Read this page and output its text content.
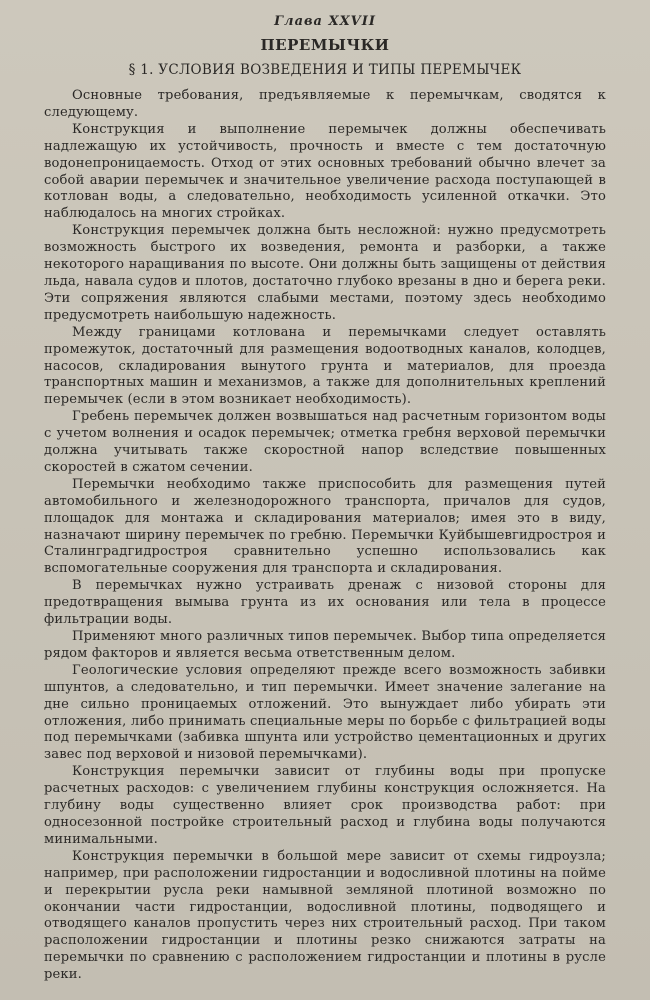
Глава XXVII

ПЕРЕМЫЧКИ

§ 1. УСЛОВИЯ ВОЗВЕДЕНИЯ И ТИПЫ ПЕРЕМЫЧЕК

Основные требования, предъявляемые к перемычкам, сводятся к следующему.

Конструкция и выполнение перемычек должны обеспечивать надлежащую их устойчивость, прочность и вместе с тем достаточную водонепроницаемость. Отход от этих основных требований обычно влечет за собой аварии перемычек и значительное увеличение расхода поступающей в котлован воды, а следовательно, необходимость усиленной откачки. Это наблюдалось на многих стройках.

Конструкция перемычек должна быть несложной: нужно предусмотреть возможность быстрого их возведения, ремонта и разборки, а также некоторого наращивания по высоте. Они должны быть защищены от действия льда, навала судов и плотов, достаточно глубоко врезаны в дно и берега реки. Эти сопряжения являются слабыми местами, поэтому здесь необходимо предусмотреть наибольшую надежность.

Между границами котлована и перемычками следует оставлять промежуток, достаточный для размещения водоотводных каналов, колодцев, насосов, складирования вынутого грунта и материалов, для проезда транспортных машин и механизмов, а также для дополнительных креплений перемычек (если в этом возникает необходимость).

Гребень перемычек должен возвышаться над расчетным горизонтом воды с учетом волнения и осадок перемычек; отметка гребня верховой перемычки должна учитывать также скоростной напор вследствие повышенных скоростей в сжатом сечении.

Перемычки необходимо также приспособить для размещения путей автомобильного и железнодорожного транспорта, причалов для судов, площадок для монтажа и складирования материалов; имея это в виду, назначают ширину перемычек по гребню. Перемычки Куйбышевгидростроя и Сталинградгидростроя сравнительно успешно использовались как вспомогательные сооружения для транспорта и складирования.

В перемычках нужно устраивать дренаж с низовой стороны для предотвращения вымыва грунта из их основания или тела в процессе фильтрации воды.

Применяют много различных типов перемычек. Выбор типа определяется рядом факторов и является весьма ответственным делом.

Геологические условия определяют прежде всего возможность забивки шпунтов, а следовательно, и тип перемычки. Имеет значение залегание на дне сильно проницаемых отложений. Это вынуждает либо убирать эти отложения, либо принимать специальные меры по борьбе с фильтрацией воды под перемычками (забивка шпунта или устройство цементационных и других завес под верховой и низовой перемычками).

Конструкция перемычки зависит от глубины воды при пропуске расчетных расходов: с увеличением глубины конструкция осложняется. На глубину воды существенно влияет срок производства работ: при односезонной постройке строительный расход и глубина воды получаются минимальными.

Конструкция перемычки в большой мере зависит от схемы гидроузла; например, при расположении гидростанции и водосливной плотины на пойме и перекрытии русла реки намывной земляной плотиной возможно по окончании части гидростанции, водосливной плотины, подводящего и отводящего каналов пропустить через них строительный расход. При таком расположении гидростанции и плотины резко снижаются затраты на перемычки по сравнению с расположением гидростанции и плотины в русле реки.
